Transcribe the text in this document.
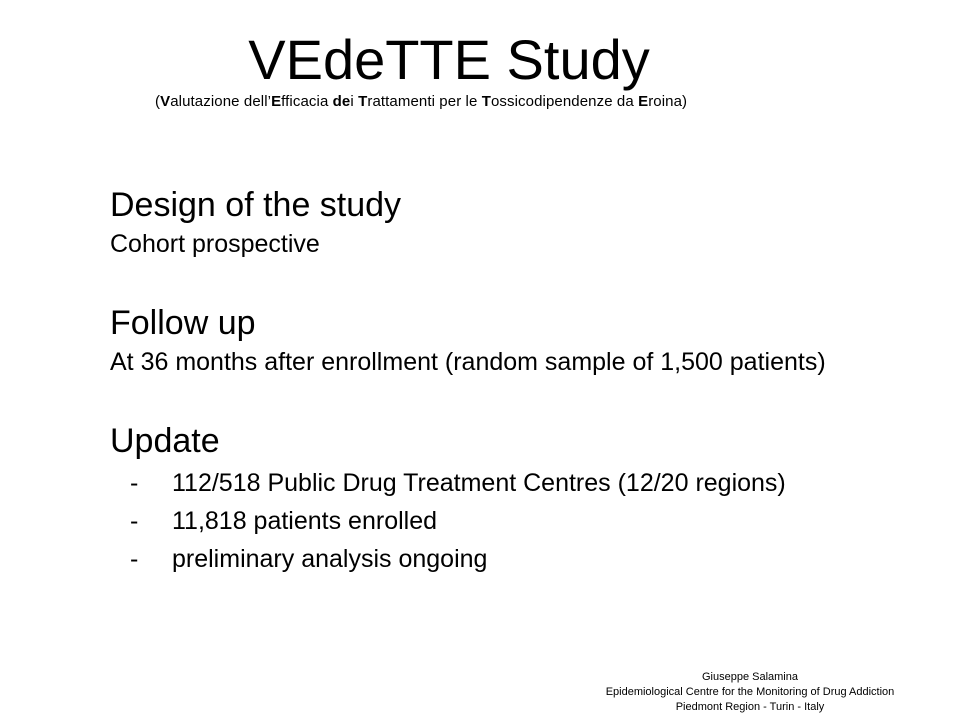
VEdeTTE Study
(Valutazione dell’Efficacia dei Trattamenti per le Tossicodipendenze da Eroina)
Design of the study

Cohort prospective

Follow up

At 36 months after enrollment (random sample of 1,500 patients)

Update
- 112/518 Public Drug Treatment Centres (12/20 regions)
- 11,818 patients enrolled
- preliminary analysis ongoing
Giuseppe Salamina
Epidemiological Centre for the Monitoring of Drug Addiction
Piedmont Region - Turin - Italy
